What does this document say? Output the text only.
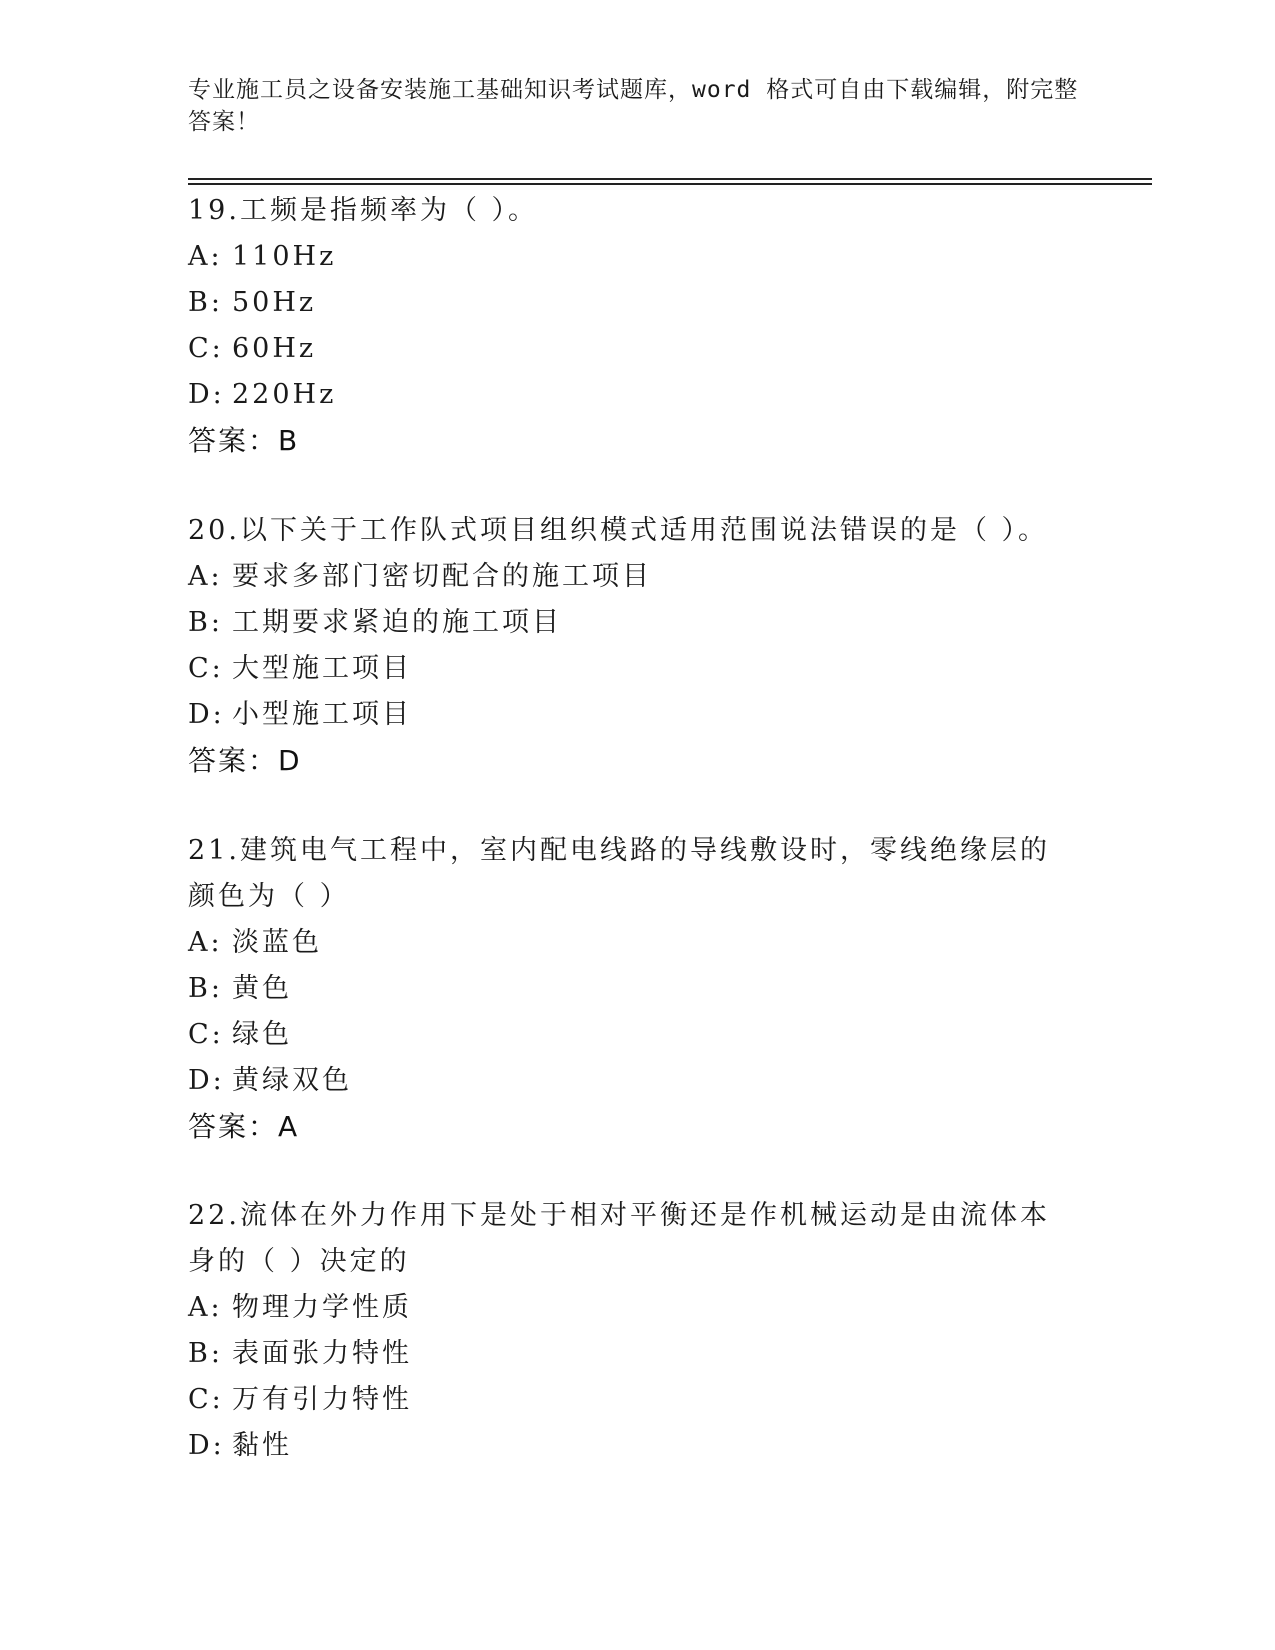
专业施工员之设备安装施工基础知识考试题库，word 格式可自由下载编辑，附完整答案！
19.工频是指频率为（ ）。
A: 110Hz
B: 50Hz
C: 60Hz
D: 220Hz
答案：B
20.以下关于工作队式项目组织模式适用范围说法错误的是（ ）。
A: 要求多部门密切配合的施工项目
B: 工期要求紧迫的施工项目
C: 大型施工项目
D: 小型施工项目
答案：D
21.建筑电气工程中，室内配电线路的导线敷设时，零线绝缘层的颜色为（ ）
A: 淡蓝色
B: 黄色
C: 绿色
D: 黄绿双色
答案：A
22.流体在外力作用下是处于相对平衡还是作机械运动是由流体本身的（ ）决定的
A: 物理力学性质
B: 表面张力特性
C: 万有引力特性
D: 黏性
